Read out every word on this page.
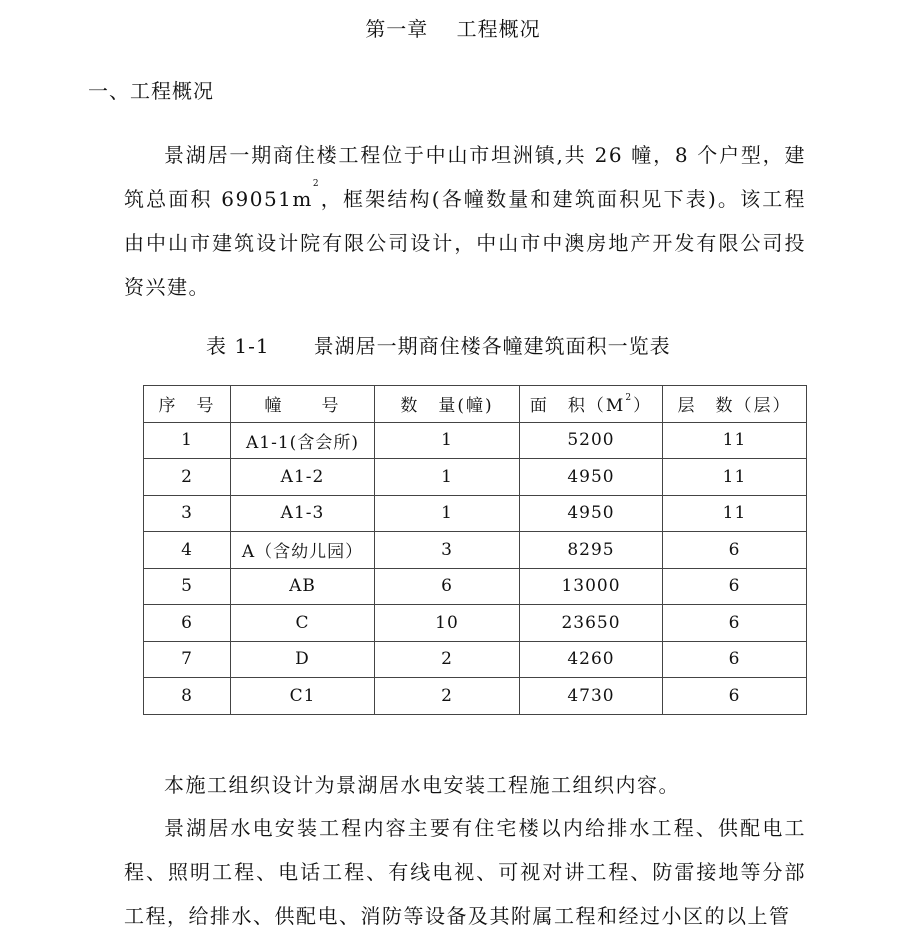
第一章　 工程概况
一、工程概况
景湖居一期商住楼工程位于中山市坦洲镇,共 26 幢，8 个户型，建筑总面积 $69051m^2$，框架结构(各幢数量和建筑面积见下表)。该工程由中山市建筑设计院有限公司设计，中山市中澳房地产开发有限公司投资兴建。
表 1-1 景湖居一期商住楼各幢建筑面积一览表
序　号	幢　　号	数　量(幢)	面　积$(M^2)$	层　数（层）
1	A1-1(含会所)	1	5200	11
2	A1-2	1	4950	11
3	A1-3	1	4950	11
4	A（含幼儿园）	3	8295	6
5	AB	6	13000	6
6	C	10	23650	6
7	D	2	4260	6
8	C1	2	4730	6
本施工组织设计为景湖居水电安装工程施工组织内容。
景湖居水电安装工程内容主要有住宅楼以内给排水工程、供配电工程、照明工程、电话工程、有线电视、可视对讲工程、防雷接地等分部工程，给排水、供配电、消防等设备及其附属工程和经过小区的以上管
